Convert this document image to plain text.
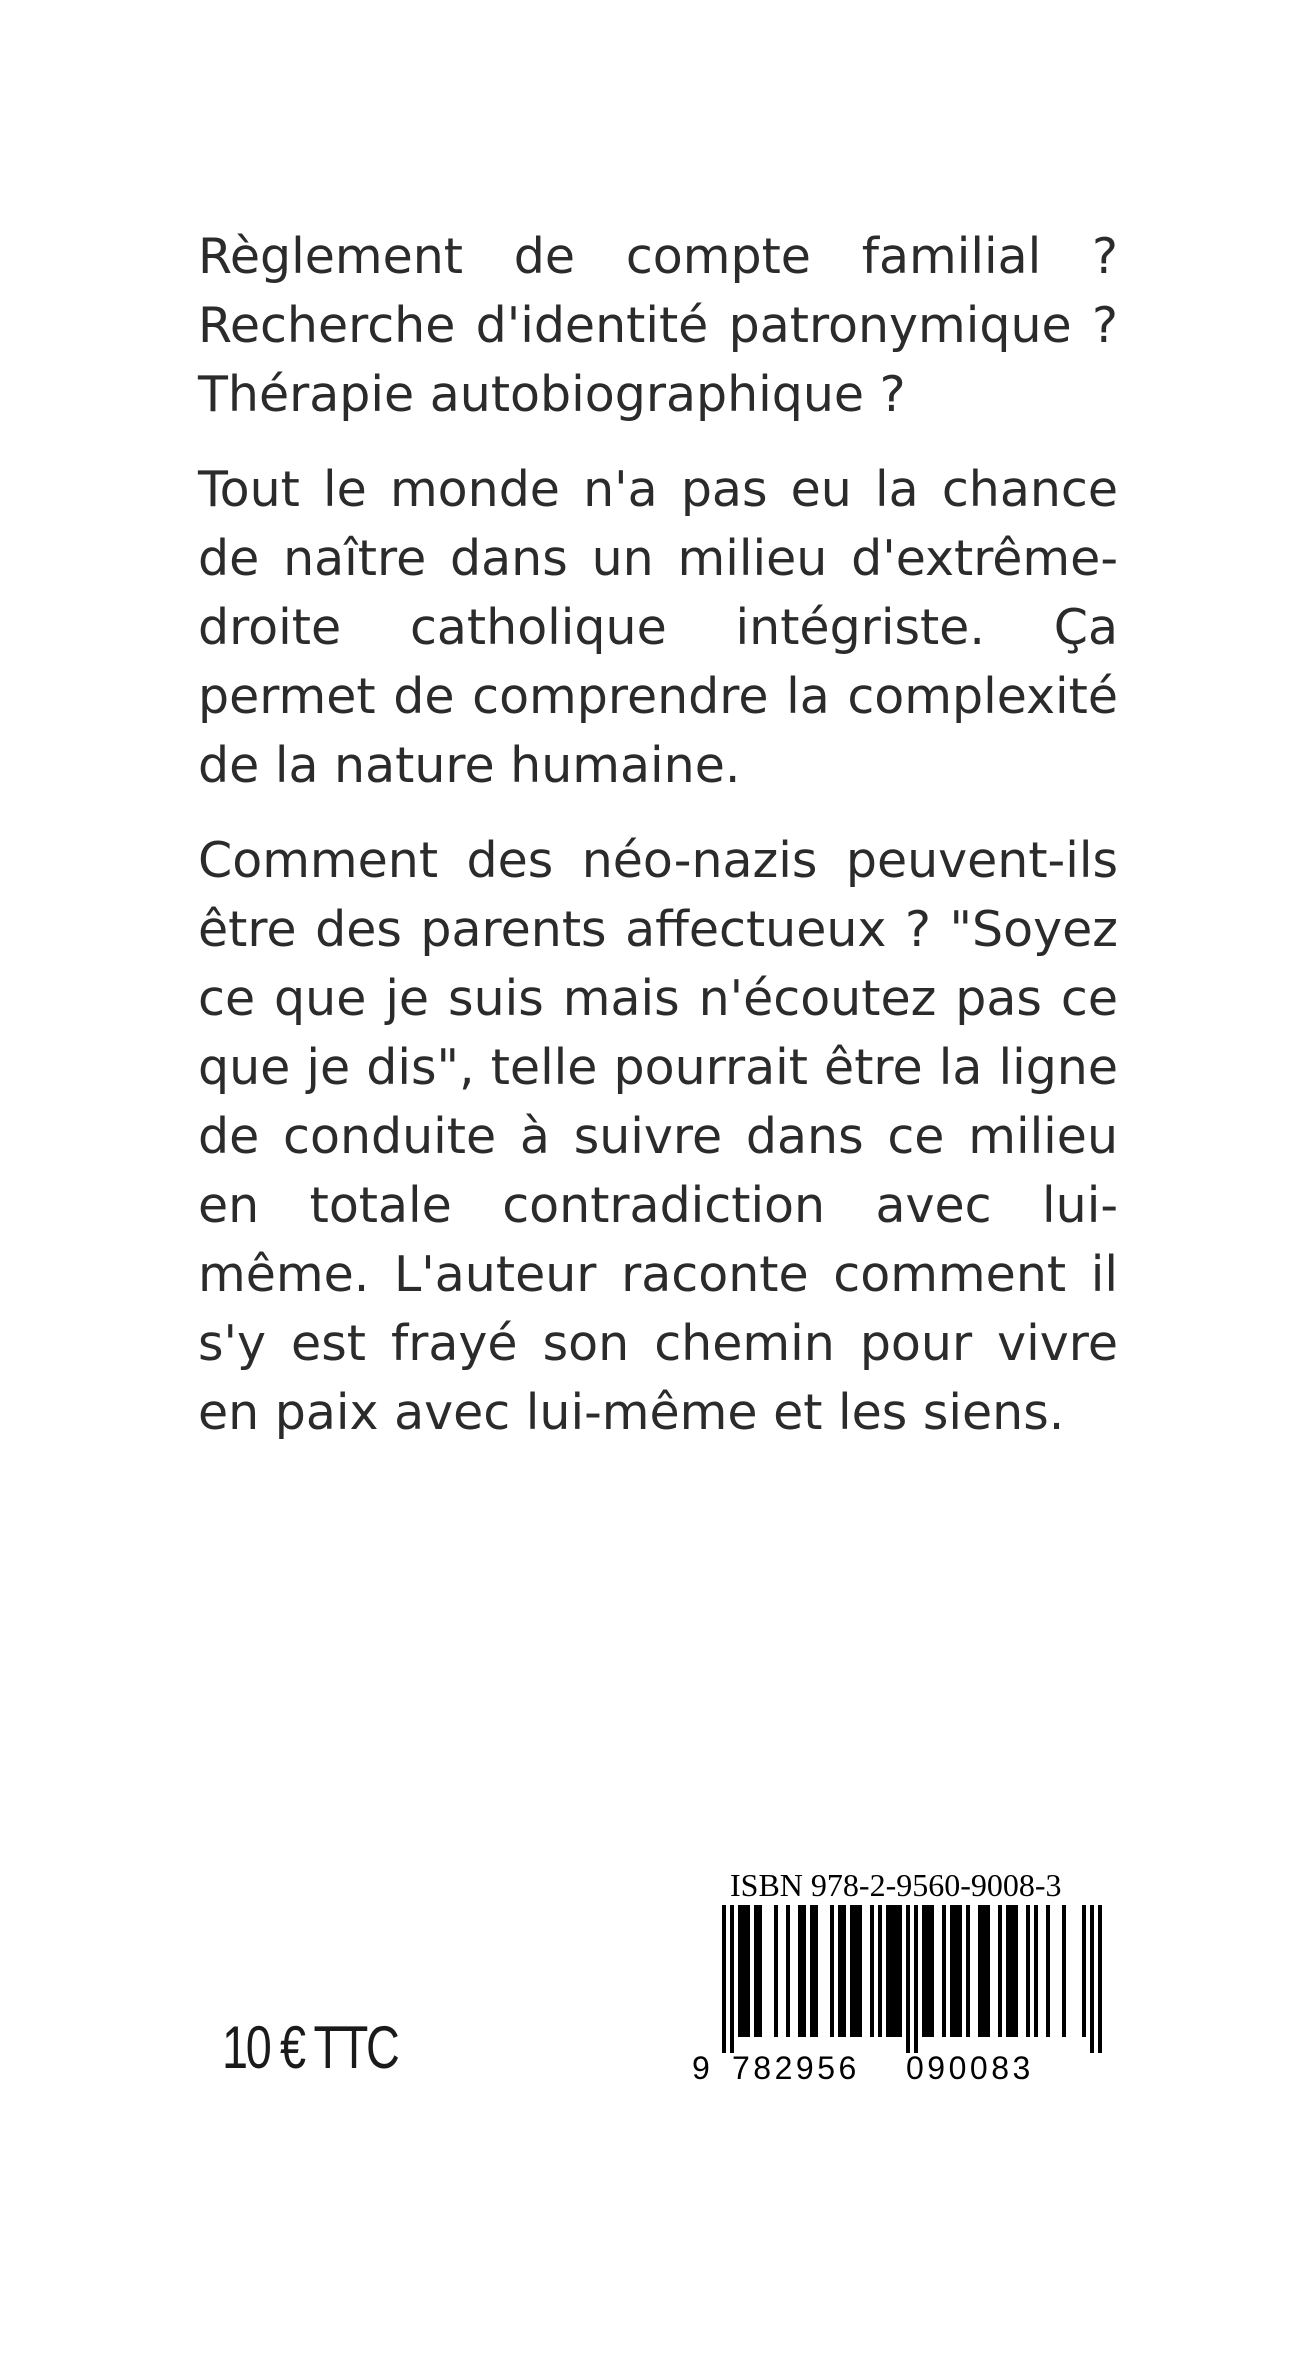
Règlement de compte familial ? Recherche d'identité patronymique ? Thérapie autobiographique ?

Tout le monde n'a pas eu la chance de naître dans un milieu d'extrême-droite catholique intégriste. Ça permet de comprendre la complexité de la nature humaine.

Comment des néo-nazis peuvent-ils être des parents affectueux ? "Soyez ce que je suis mais n'écoutez pas ce que je dis", telle pourrait être la ligne de conduite à suivre dans ce milieu en totale contradiction avec lui-même. L'auteur raconte comment il s'y est frayé son chemin pour vivre en paix avec lui-même et les siens.

10 € TTC
ISBN 978-2-9560-9008-3
9 782956 090083
